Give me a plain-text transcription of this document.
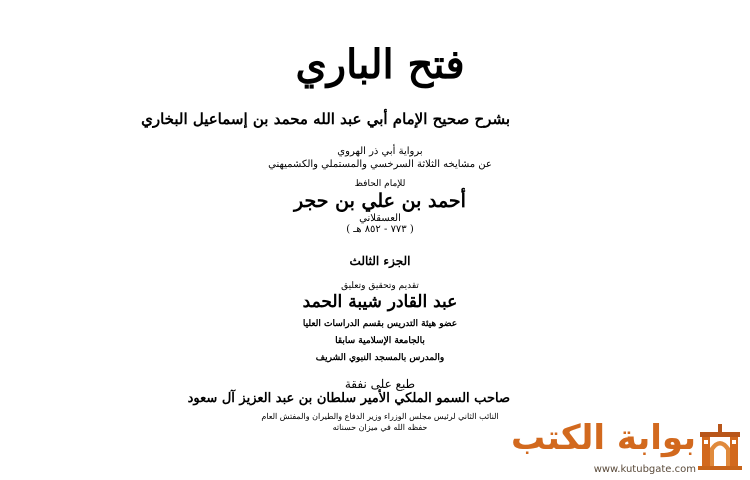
فتح الباري
بشرح صحيح الإمام أبي عبد الله محمد بن إسماعيل البخاري
برواية أبي ذر الهروي
عن مشايخه الثلاثة السرخسي والمستملي والكشميهني
للإمام الحافظ
أحمد بن علي بن حجر
العسقلاني
( ٧٧٣ - ٨٥٢ هـ )
الجزء الثالث
تقديم وتحقيق وتعليق
عبد القادر شيبة الحمد
عضو هيئة التدريس بقسم الدراسات العليا
بالجامعة الإسلامية سابقا
والمدرس بالمسجد النبوي الشريف
طبع على نفقة
صاحب السمو الملكي الأمير سلطان بن عبد العزيز آل سعود
النائب الثاني لرئيس مجلس الوزراء وزير الدفاع والطيران والمفتش العام
حفظه الله في ميزان حسناته	بوابة الكتب
www.kutubgate.com
